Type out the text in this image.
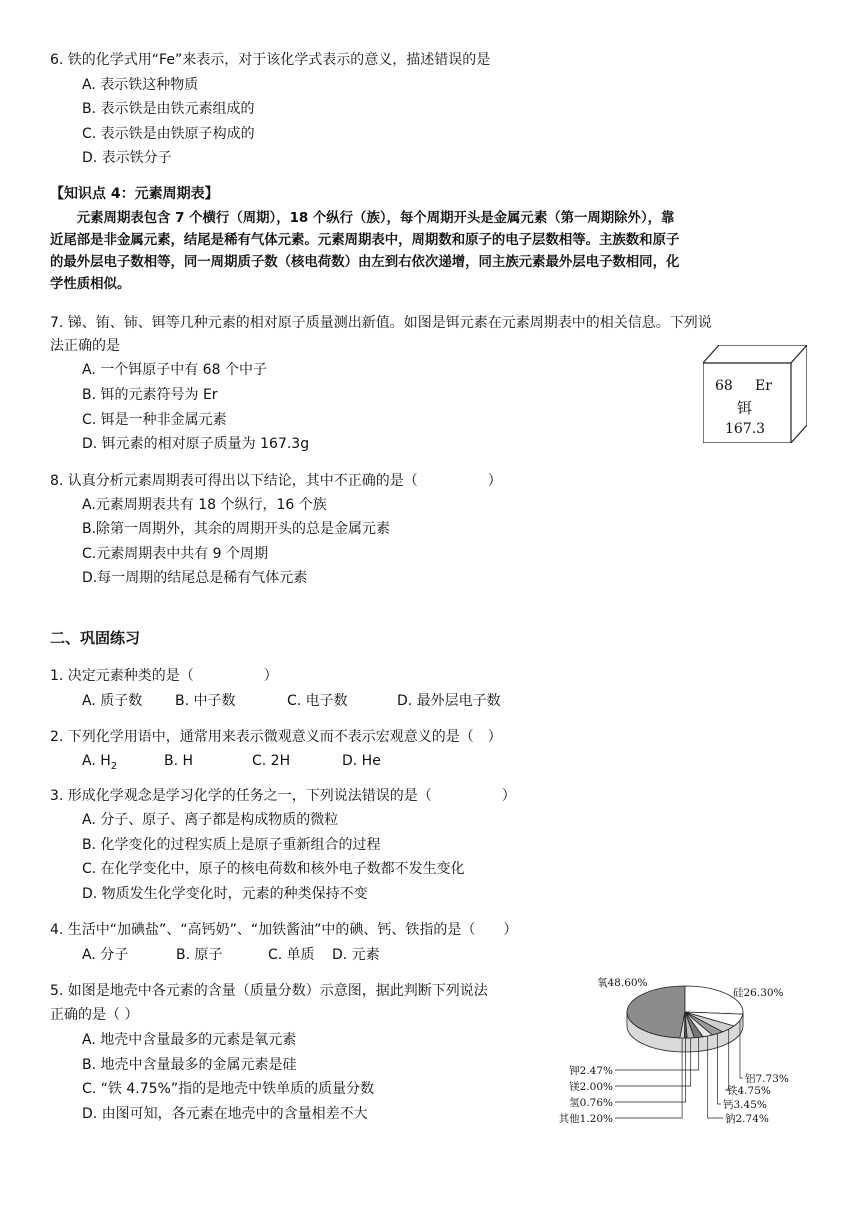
6. 铁的化学式用“Fe”来表示，对于该化学式表示的意义，描述错误的是
A. 表示铁这种物质
B. 表示铁是由铁元素组成的
C. 表示铁是由铁原子构成的
D. 表示铁分子
【知识点 4：元素周期表】
　　元素周期表包含 7 个横行（周期），18 个纵行（族），每个周期开头是金属元素（第一周期除外），靠
近尾部是非金属元素，结尾是稀有气体元素。元素周期表中，周期数和原子的电子层数相等。主族数和原子
的最外层电子数相等，同一周期质子数（核电荷数）由左到右依次递增，同主族元素最外层电子数相同，化
学性质相似。
7. 锑、铕、铈、铒等几种元素的相对原子质量测出新值。如图是铒元素在元素周期表中的相关信息。下列说
法正确的是
A. 一个铒原子中有 68 个中子
B. 铒的元素符号为 Er
C. 铒是一种非金属元素
D. 铒元素的相对原子质量为 167.3g
68 Er
铒
167.3
8. 认真分析元素周期表可得出以下结论，其中不正确的是（　　　　　）
A.元素周期表共有 18 个纵行，16 个族
B.除第一周期外，其余的周期开头的总是金属元素
C.元素周期表中共有 9 个周期
D.每一周期的结尾总是稀有气体元素
二、巩固练习
1. 决定元素种类的是（　　　　　）
A. 质子数 B. 中子数	C. 电子数	D. 最外层电子数
2. 下列化学用语中，通常用来表示微观意义而不表示宏观意义的是（　）
A. $H_2$	B. H	C. 2H	D. He
3. 形成化学观念是学习化学的任务之一，下列说法错误的是（　　　　　）
A. 分子、原子、离子都是构成物质的微粒
B. 化学变化的过程实质上是原子重新组合的过程
C. 在化学变化中，原子的核电荷数和核外电子数都不发生变化
D. 物质发生化学变化时，元素的种类保持不变
4. 生活中“加碘盐”、“高钙奶”、“加铁酱油”中的碘、钙、铁指的是（　　）
A. 分子	B. 原子	C. 单质 D. 元素
5. 如图是地壳中各元素的含量（质量分数）示意图，据此判断下列说法
正确的是（ ）
A. 地壳中含量最多的元素是氧元素
B. 地壳中含量最多的金属元素是硅
C. “铁 4.75%”指的是地壳中铁单质的质量分数
D. 由图可知，各元素在地壳中的含量相差不大
氧48.60%
硅26.30%
铝7.73%
铁4.75%
钙3.45%
钠2.74%
钾2.47%
镁2.00%
氢0.76%
其他1.20%
